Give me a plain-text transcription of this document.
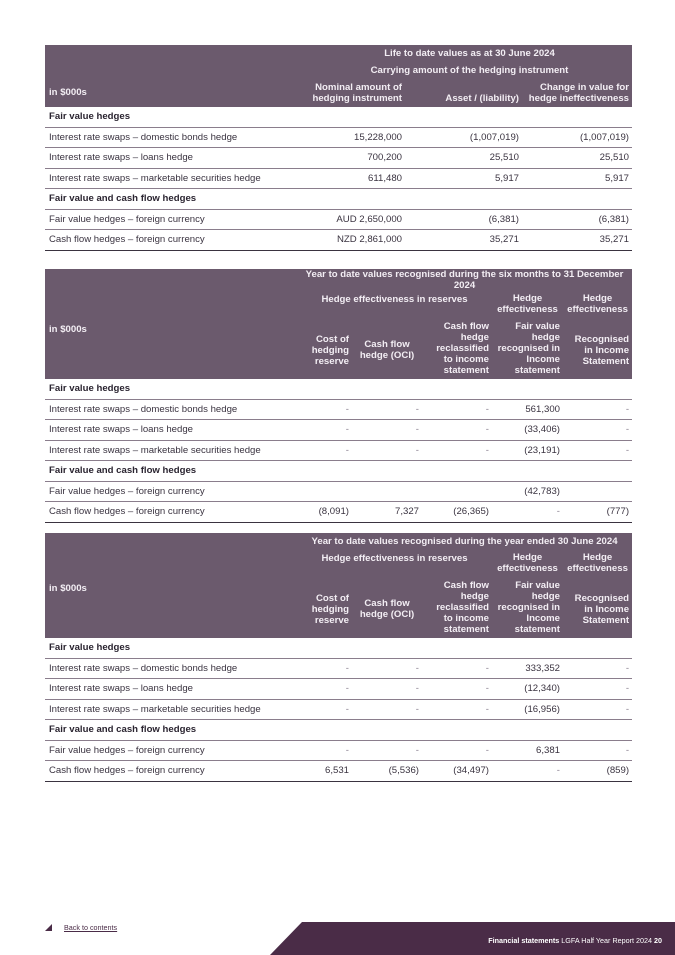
	Life to date values as at 30 June 2024		
	Carrying amount of the hedging instrument		
in $000s	Nominal amount of hedging instrument	Asset / (liability)	Change in value for hedge ineffectiveness
Fair value hedges			
Interest rate swaps – domestic bonds hedge	15,228,000	(1,007,019)	(1,007,019)
Interest rate swaps – loans hedge	700,200	25,510	25,510
Interest rate swaps – marketable securities hedge	611,480	5,917	5,917
Fair value and cash flow hedges			
Fair value hedges – foreign currency	AUD 2,650,000	(6,381)	(6,381)
Cash flow hedges – foreign currency	NZD 2,861,000	35,271	35,271
	Year to date values recognised during the six months to 31 December 2024				
	Hedge effectiveness in reserves			Hedge effectiveness	Hedge effectiveness
in $000s	Cost of hedging reserve	Cash flow hedge (OCI)	Cash flow hedge reclassified to income statement	Fair value hedge recognised in Income statement	Recognised in Income Statement
Fair value hedges					
Interest rate swaps – domestic bonds hedge	-	-	-	561,300	-
Interest rate swaps – loans hedge	-	-	-	(33,406)	-
Interest rate swaps – marketable securities hedge	-	-	-	(23,191)	-
Fair value and cash flow hedges					
Fair value hedges – foreign currency				(42,783)	
Cash flow hedges – foreign currency	(8,091)	7,327	(26,365)	-	(777)
	Year to date values recognised during the year ended 30 June 2024				
	Hedge effectiveness in reserves			Hedge effectiveness	Hedge effectiveness
in $000s	Cost of hedging reserve	Cash flow hedge (OCI)	Cash flow hedge reclassified to income statement	Fair value hedge recognised in Income statement	Recognised in Income Statement
Fair value hedges					
Interest rate swaps – domestic bonds hedge	-	-	-	333,352	-
Interest rate swaps – loans hedge	-	-	-	(12,340)	-
Interest rate swaps – marketable securities hedge	-	-	-	(16,956)	-
Fair value and cash flow hedges					
Fair value hedges – foreign currency	-	-	-	6,381	-
Cash flow hedges – foreign currency	6,531	(5,536)	(34,497)	-	(859)
Back to contents
Financial statements LGFA Half Year Report 2024 20
